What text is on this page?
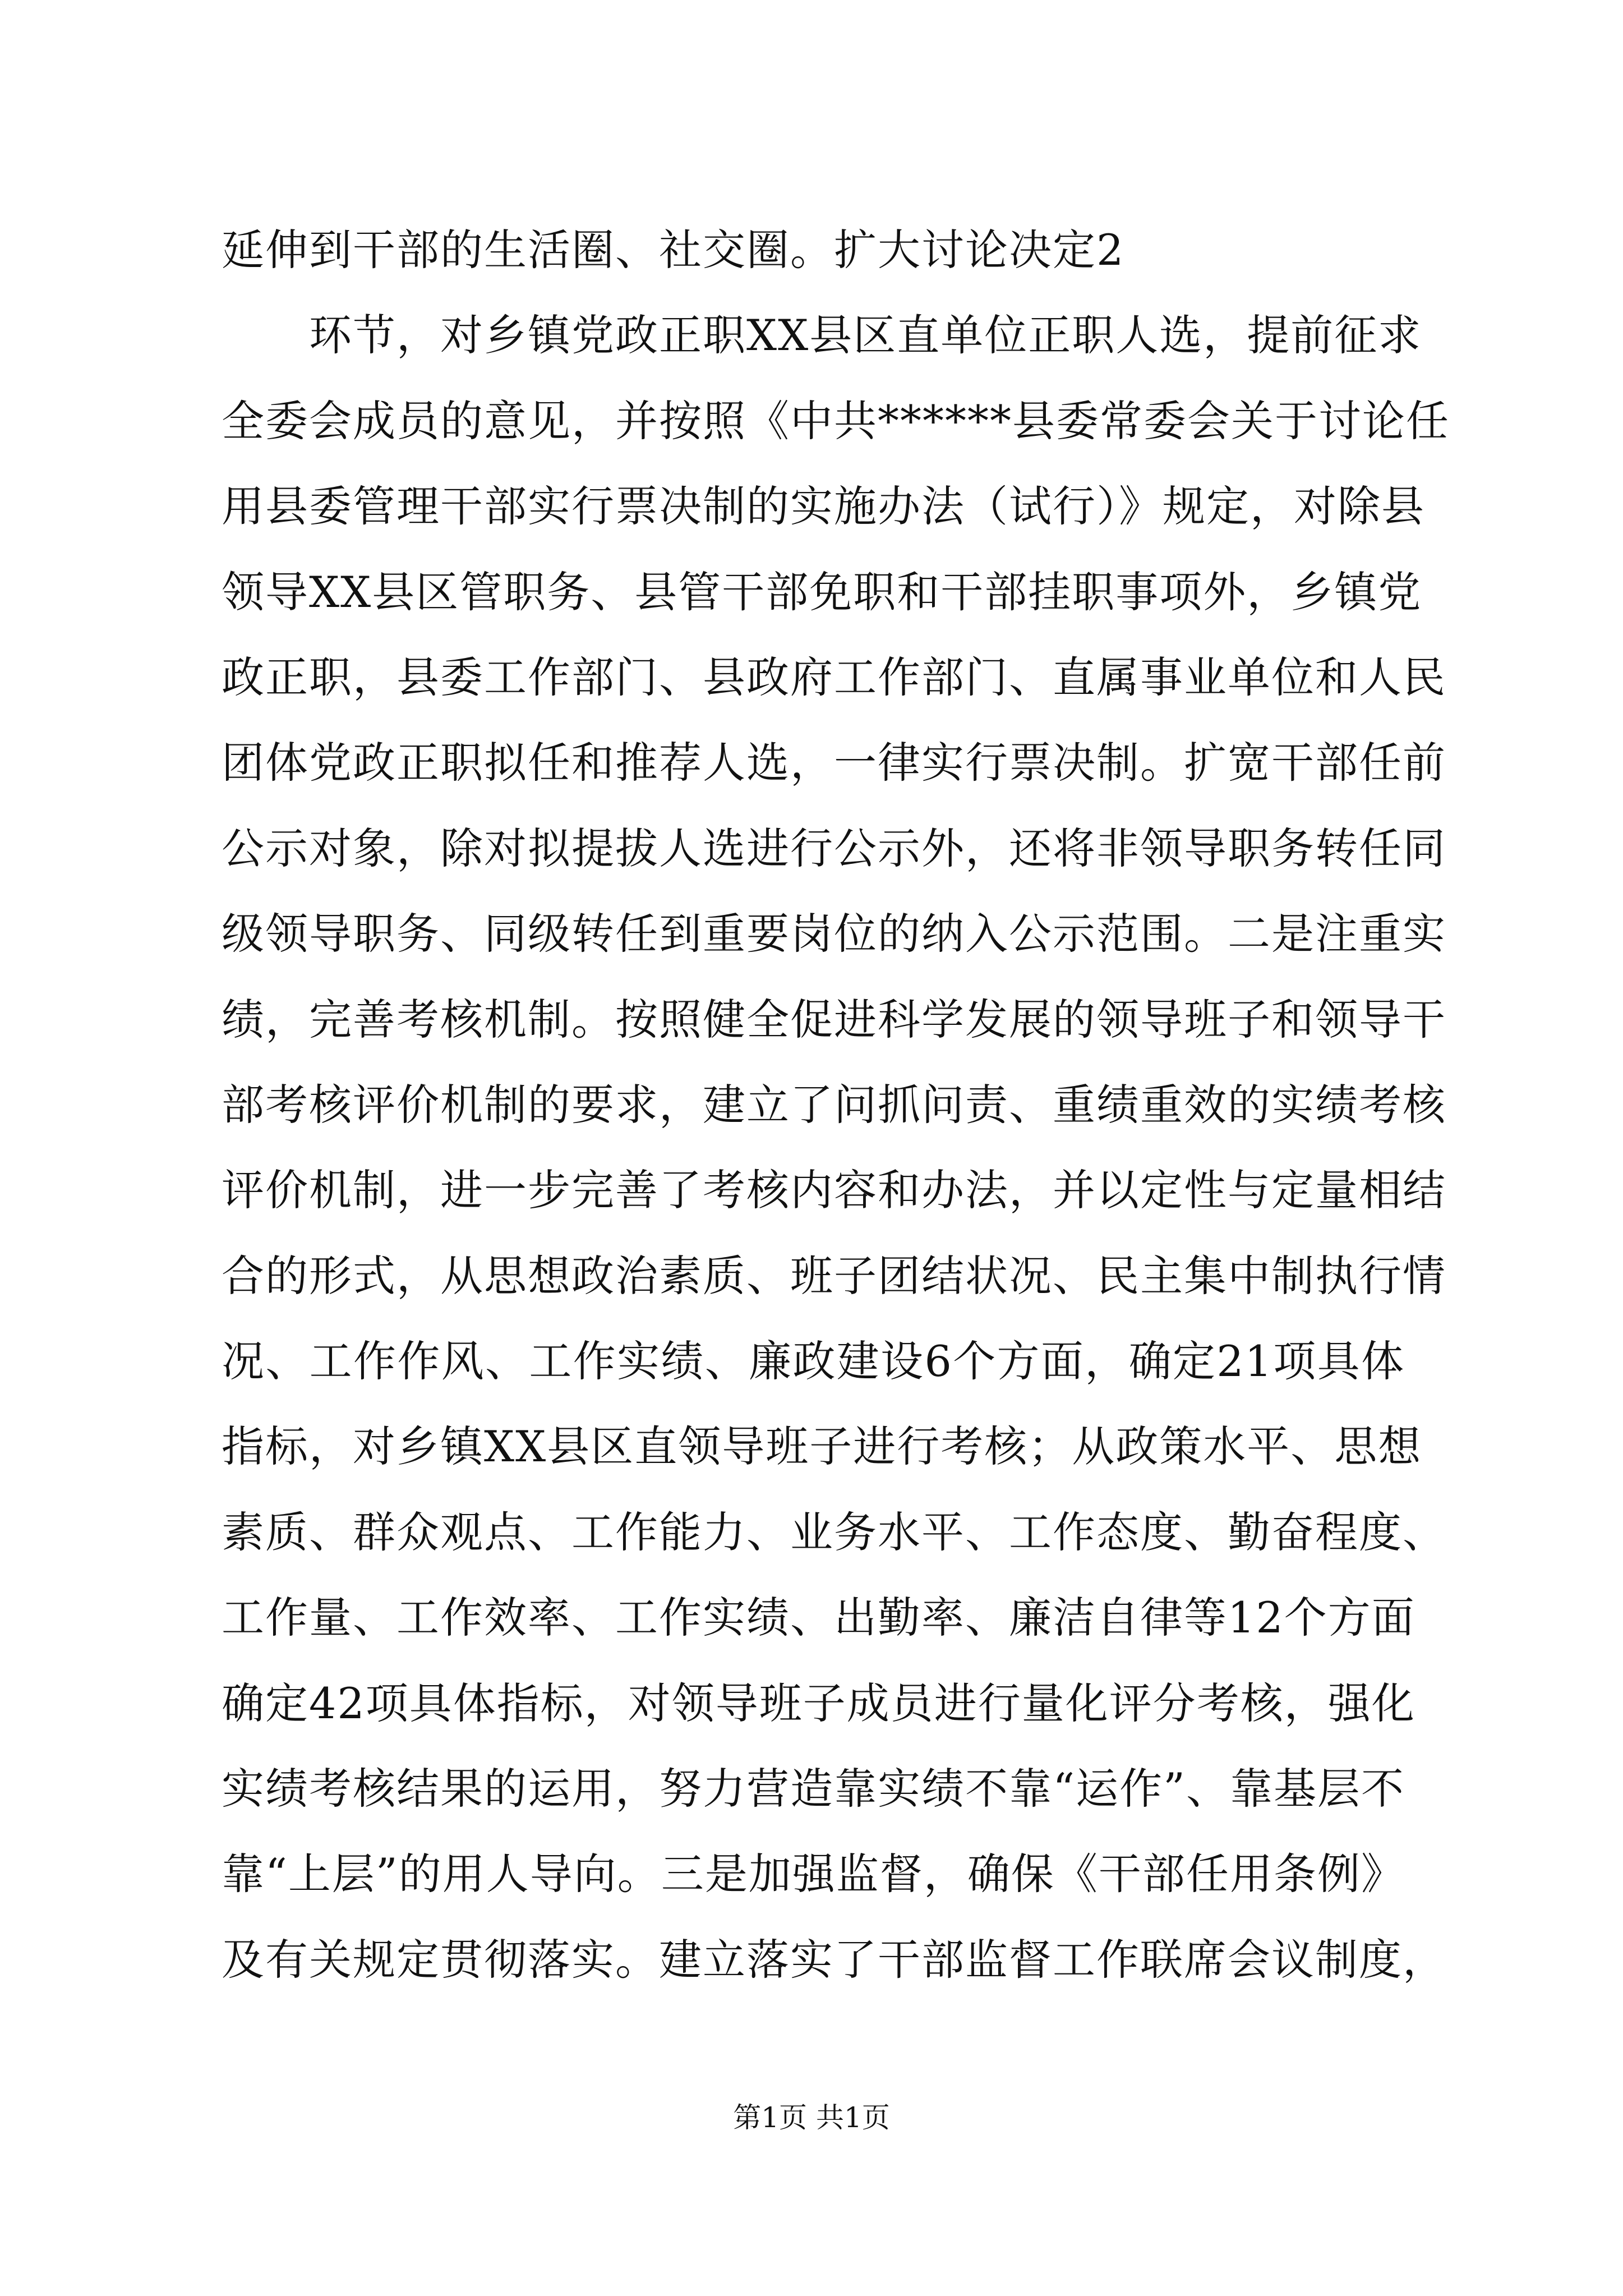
延伸到干部的生活圈、社交圈。扩大讨论决定2
　　环节，对乡镇党政正职XX县区直单位正职人选，提前征求
全委会成员的意见，并按照《中共******县委常委会关于讨论任
用县委管理干部实行票决制的实施办法（试行）》规定，对除县
领导XX县区管职务、县管干部免职和干部挂职事项外，乡镇党
政正职，县委工作部门、县政府工作部门、直属事业单位和人民
团体党政正职拟任和推荐人选，一律实行票决制。扩宽干部任前
公示对象，除对拟提拔人选进行公示外，还将非领导职务转任同
级领导职务、同级转任到重要岗位的纳入公示范围。二是注重实
绩，完善考核机制。按照健全促进科学发展的领导班子和领导干
部考核评价机制的要求，建立了问抓问责、重绩重效的实绩考核
评价机制，进一步完善了考核内容和办法，并以定性与定量相结
合的形式，从思想政治素质、班子团结状况、民主集中制执行情
况、工作作风、工作实绩、廉政建设6个方面，确定21项具体
指标，对乡镇XX县区直领导班子进行考核；从政策水平、思想
素质、群众观点、工作能力、业务水平、工作态度、勤奋程度、
工作量、工作效率、工作实绩、出勤率、廉洁自律等12个方面
确定42项具体指标，对领导班子成员进行量化评分考核，强化
实绩考核结果的运用，努力营造靠实绩不靠“运作”、靠基层不
靠“上层”的用人导向。三是加强监督，确保《干部任用条例》
及有关规定贯彻落实。建立落实了干部监督工作联席会议制度，
第1页 共1页
